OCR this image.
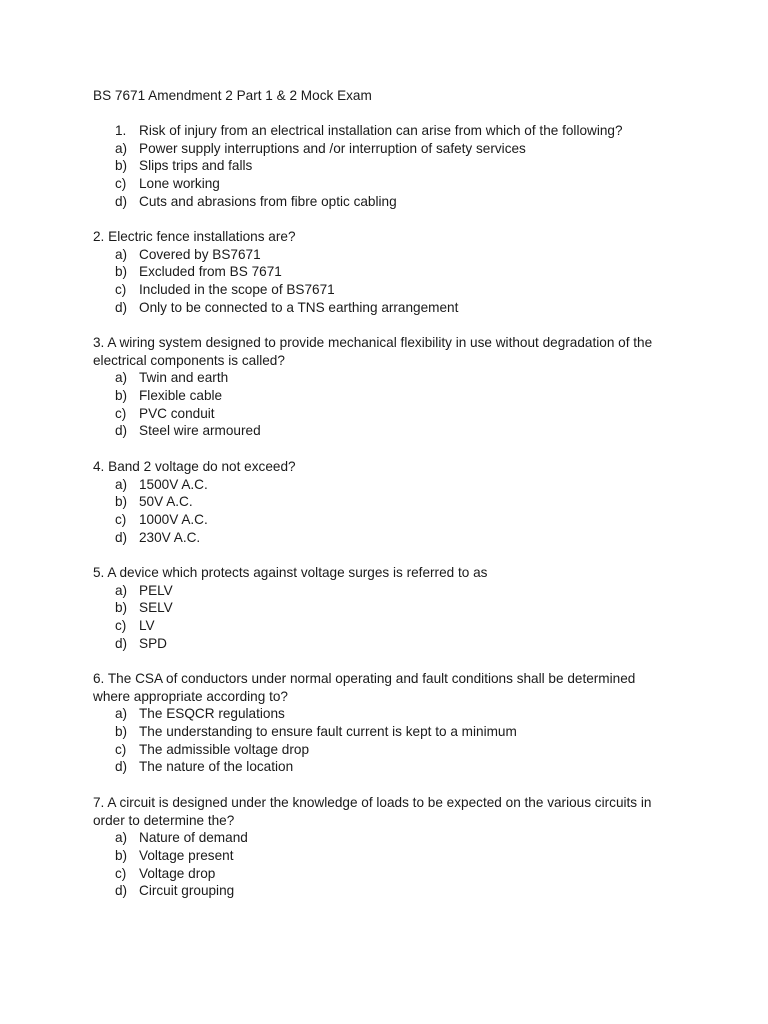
BS 7671 Amendment 2 Part 1 & 2 Mock Exam

1. Risk of injury from an electrical installation can arise from which of the following?

a) Power supply interruptions and /or interruption of safety services
b) Slips trips and falls
c) Lone working
d) Cuts and abrasions from fibre optic cabling

2. Electric fence installations are?

a) Covered by BS7671
b) Excluded from BS 7671
c) Included in the scope of BS7671
d) Only to be connected to a TNS earthing arrangement

3. A wiring system designed to provide mechanical flexibility in use without degradation of the electrical components is called?

a) Twin and earth
b) Flexible cable
c) PVC conduit
d) Steel wire armoured

4. Band 2 voltage do not exceed?

a) 1500V A.C.
b) 50V A.C.
c) 1000V A.C.
d) 230V A.C.

5. A device which protects against voltage surges is referred to as

a) PELV
b) SELV
c) LV
d) SPD

6. The CSA of conductors under normal operating and fault conditions shall be determined where appropriate according to?

a) The ESQCR regulations
b) The understanding to ensure fault current is kept to a minimum
c) The admissible voltage drop
d) The nature of the location

7. A circuit is designed under the knowledge of loads to be expected on the various circuits in order to determine the?

a) Nature of demand
b) Voltage present
c) Voltage drop
d) Circuit grouping
